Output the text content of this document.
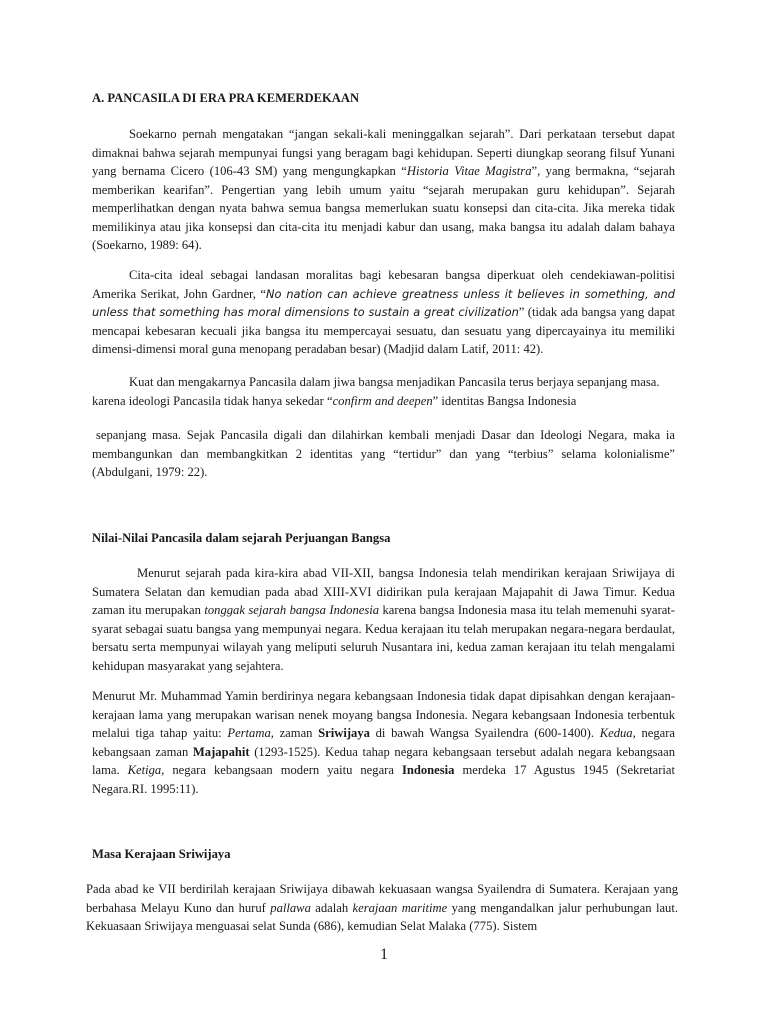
A. PANCASILA DI ERA PRA KEMERDEKAAN

Soekarno pernah mengatakan “jangan sekali-kali meninggalkan sejarah”. Dari perkataan tersebut dapat dimaknai bahwa sejarah mempunyai fungsi yang beragam bagi kehidupan. Seperti diungkap seorang filsuf Yunani yang bernama Cicero (106-43 SM) yang mengungkapkan “Historia Vitae Magistra”, yang bermakna, “sejarah memberikan kearifan”. Pengertian yang lebih umum yaitu “sejarah merupakan guru kehidupan”. Sejarah memperlihatkan dengan nyata bahwa semua bangsa memerlukan suatu konsepsi dan cita-cita. Jika mereka tidak memilikinya atau jika konsepsi dan cita-cita itu menjadi kabur dan usang, maka bangsa itu adalah dalam bahaya (Soekarno, 1989: 64).

Cita-cita ideal sebagai landasan moralitas bagi kebesaran bangsa diperkuat oleh cendekiawan-politisi Amerika Serikat, John Gardner, “No nation can achieve greatness unless it believes in something, and unless that something has moral dimensions to sustain a great civilization” (tidak ada bangsa yang dapat mencapai kebesaran kecuali jika bangsa itu mempercayai sesuatu, dan sesuatu yang dipercayainya itu memiliki dimensi-dimensi moral guna menopang peradaban besar) (Madjid dalam Latif, 2011: 42).

Kuat dan mengakarnya Pancasila dalam jiwa bangsa menjadikan Pancasila terus berjaya sepanjang masa. karena ideologi Pancasila tidak hanya sekedar “confirm and deepen” identitas Bangsa Indonesia

sepanjang masa. Sejak Pancasila digali dan dilahirkan kembali menjadi Dasar dan Ideologi Negara, maka ia membangunkan dan membangkitkan 2 identitas yang “tertidur” dan yang “terbius” selama kolonialisme” (Abdulgani, 1979: 22).

Nilai-Nilai Pancasila dalam sejarah Perjuangan Bangsa

Menurut sejarah pada kira-kira abad VII-XII, bangsa Indonesia telah mendirikan kerajaan Sriwijaya di Sumatera Selatan dan kemudian pada abad XIII-XVI didirikan pula kerajaan Majapahit di Jawa Timur. Kedua zaman itu merupakan tonggak sejarah bangsa Indonesia karena bangsa Indonesia masa itu telah memenuhi syarat-syarat sebagai suatu bangsa yang mempunyai negara. Kedua kerajaan itu telah merupakan negara-negara berdaulat, bersatu serta mempunyai wilayah yang meliputi seluruh Nusantara ini, kedua zaman kerajaan itu telah mengalami kehidupan masyarakat yang sejahtera.

Menurut Mr. Muhammad Yamin berdirinya negara kebangsaan Indonesia tidak dapat dipisahkan dengan kerajaan-kerajaan lama yang merupakan warisan nenek moyang bangsa Indonesia. Negara kebangsaan Indonesia terbentuk melalui tiga tahap yaitu: Pertama, zaman Sriwijaya di bawah Wangsa Syailendra (600-1400). Kedua, negara kebangsaan zaman Majapahit (1293-1525). Kedua tahap negara kebangsaan tersebut adalah negara kebangsaan lama. Ketiga, negara kebangsaan modern yaitu negara Indonesia merdeka 17 Agustus 1945 (Sekretariat Negara.RI. 1995:11).

Masa Kerajaan Sriwijaya

Pada abad ke VII berdirilah kerajaan Sriwijaya dibawah kekuasaan wangsa Syailendra di Sumatera. Kerajaan yang berbahasa Melayu Kuno dan huruf pallawa adalah kerajaan maritime yang mengandalkan jalur perhubungan laut. Kekuasaan Sriwijaya menguasai selat Sunda (686), kemudian Selat Malaka (775). Sistem

1
